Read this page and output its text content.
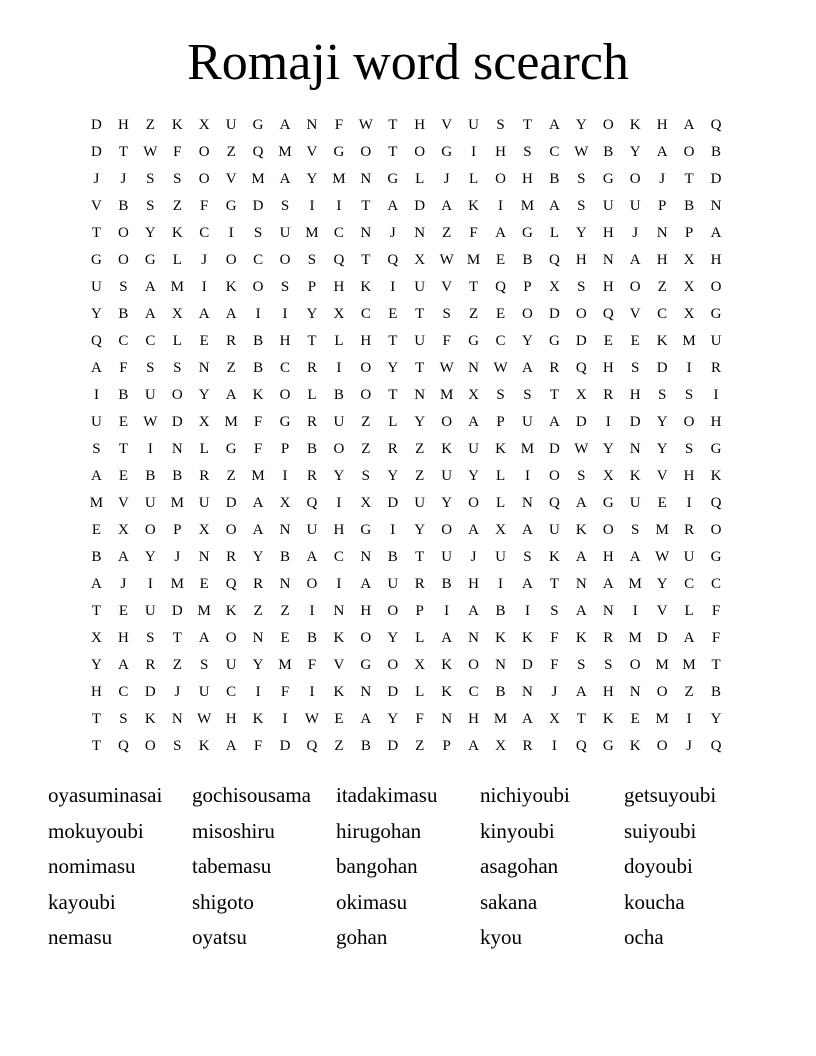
Romaji word scearch
D	H	Z	K	X	U	G	A	N	F	W	T	H	V	U	S	T	A	Y	O	K	H	A	Q
D	T	W	F	O	Z	Q M V	G	O	T	O	G	I	H	S	C W B	Y	A	O	B
J	J	S	S	O	V M A	Y M N	G	L	J	L	O	H	B	S	G	O	J	T	D
V	B	S	Z	F	G	D	S	I	I	T	A	D	A	K	I	M A	S	U	U	P	B	N
T	O	Y	K	C	I	S	U M	C	N	J	N	Z	F	A	G	L	Y	H	J	N	P	A
G	O	G	L	J	O	C	O	S	Q	T	Q	X W M	E	B	Q	H	N	A	H	X	H
U	S	A M	I	K	O	S	P	H	K	I	U	V	T	Q	P	X	S	H	O	Z	X	O
Y	B	A	X	A	A	I	I	Y	X	C	E	T	S	Z	E	O	D	O	Q	V	C	X	G
Q	C	C	L	E	R	B	H	T	L	H	T	U	F	G	C	Y	G	D	E	E	K M U
A	F	S	S	N	Z	B	C	R	I	O	Y	T	W N W A	R	Q	H	S	D	I	R
I	B	U	O	Y	A	K	O	L	B	O	T	N M X	S	S	T	X	R	H	S	S	I
U	E	W D	X M	F	G	R	U	Z	L	Y	O	A	P	U	A	D	I	D	Y	O	H
S	T	I	N	L	G	F	P	B	O	Z	R	Z	K	U	K M D W Y	N	Y	S	G
A	E	B	B	R	Z	M	I	R	Y	S	Y	Z	U	Y	L	I	O	S	X	K	V	H	K
M V	U M U	D	A	X	Q	I	X	D	U	Y	O	L	N	Q	A	G	U	E	I	Q
E	X	O	P	X	O	A	N	U	H	G	I	Y	O	A	X	A	U	K	O	S	M	R	O
B	A	Y	J	N	R	Y	B	A	C	N	B	T	U	J	U	S	K	A	H	A W U	G
A	J	I	M	E	Q	R	N	O	I	A	U	R	B	H	I	A	T	N	A M Y	C	C
T	E	U	D M K	Z	Z	I	N	H	O	P	I	A	B	I	S	A	N	I	V	L	F
X	H	S	T	A	O	N	E	B	K	O	Y	L	A	N	K	K	F	K	R	M D	A	F
Y	A	R	Z	S	U	Y M	F	V	G	O	X	K	O	N	D	F	S	S	O M M	T
H	C	D	J	U	C	I	F	I	K	N	D	L	K	C	B	N	J	A	H	N	O	Z	B
T	S	K	N W H	K	I	W	E	A	Y	F	N	H M A	X	T	K	E	M	I	Y
T	Q	O	S	K	A	F	D	Q	Z	B	D	Z	P	A	X	R	I	Q	G	K	O	J	Q
oyasuminasai	gochisousama	itadakimasu	nichiyoubi	getsuyoubi
mokuyoubi	misoshiru	hirugohan	kinyoubi	suiyoubi
nomimasu	tabemasu	bangohan	asagohan	doyoubi
kayoubi	shigoto	okimasu	sakana	koucha
nemasu	oyatsu	gohan	kyou	ocha
